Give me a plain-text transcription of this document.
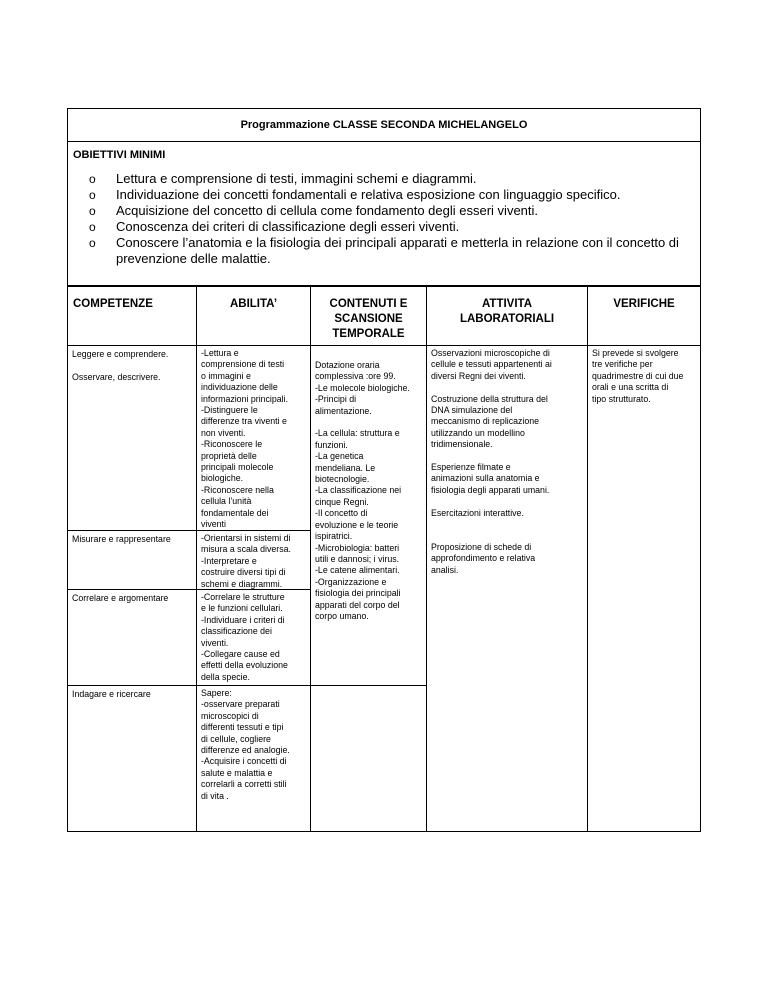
Programmazione CLASSE SECONDA MICHELANGELO
OBIETTIVI MINIMI
o Lettura e comprensione di testi, immagini schemi e diagrammi.
o Individuazione dei concetti fondamentali e relativa esposizione con linguaggio specifico.
o Acquisizione del concetto di cellula come fondamento degli esseri viventi.
o Conoscenza dei criteri di classificazione degli esseri viventi.
o Conoscere l’anatomia e la fisiologia dei principali apparati e metterla in relazione con il concetto di prevenzione delle malattie.
COMPETENZE	ABILITA’	CONTENUTI E
SCANSIONE
TEMPORALE
ATTIVITA
LABORATORIALI
VERIFICHE
Leggere e comprendere.

Osservare, descrivere.
Misurare e rappresentare
Correlare e argomentare
Indagare e ricercare
-Lettura e
comprensione di testi
o immagini e
individuazione delle
informazioni principali.
-Distinguere le
differenze tra viventi e
non viventi.
-Riconoscere le
proprietà delle
principali molecole
biologiche.
-Riconoscere nella
cellula l’unità
fondamentale dei
viventi
-Orientarsi in sistemi di
misura a scala diversa.
-Interpretare e
costruire diversi tipi di
schemi e diagrammi.
-Correlare le strutture
e le funzioni cellulari.
-Individuare i criteri di
classificazione dei
viventi.
-Collegare cause ed
effetti della evoluzione
della specie.
Sapere:
-osservare preparati
microscopici di
differenti tessuti e tipi
di cellule, cogliere
differenze ed analogie.
-Acquisire i concetti di
salute e malattia e
correlarli a corretti stili
di vita .
Dotazione oraria
complessiva :ore 99.
-Le molecole biologiche.
-Principi di
alimentazione.

-La cellula: struttura e
funzioni.
-La genetica
mendeliana. Le
biotecnologie.
-La classificazione nei
cinque Regni.
-Il concetto di
evoluzione e le teorie
ispiratrici.
-Microbiologia: batteri
utili e dannosi; i virus.
-Le catene alimentari.
-Organizzazione e
fisiologia dei principali
apparati del corpo del
corpo umano.
Osservazioni microscopiche di
cellule e tessuti appartenenti ai
diversi Regni dei viventi.

Costruzione della struttura del
DNA simulazione del
meccanismo di replicazione
utilizzando un modellino
tridimensionale.

Esperienze filmate e
animazioni sulla anatomia e
fisiologia degli apparati umani.

Esercitazioni interattive.

Proposizione di schede di
approfondimento e relativa
analisi.
Si prevede si svolgere
tre verifiche per
quadrimestre di cui due
orali e una scritta di
tipo strutturato.
